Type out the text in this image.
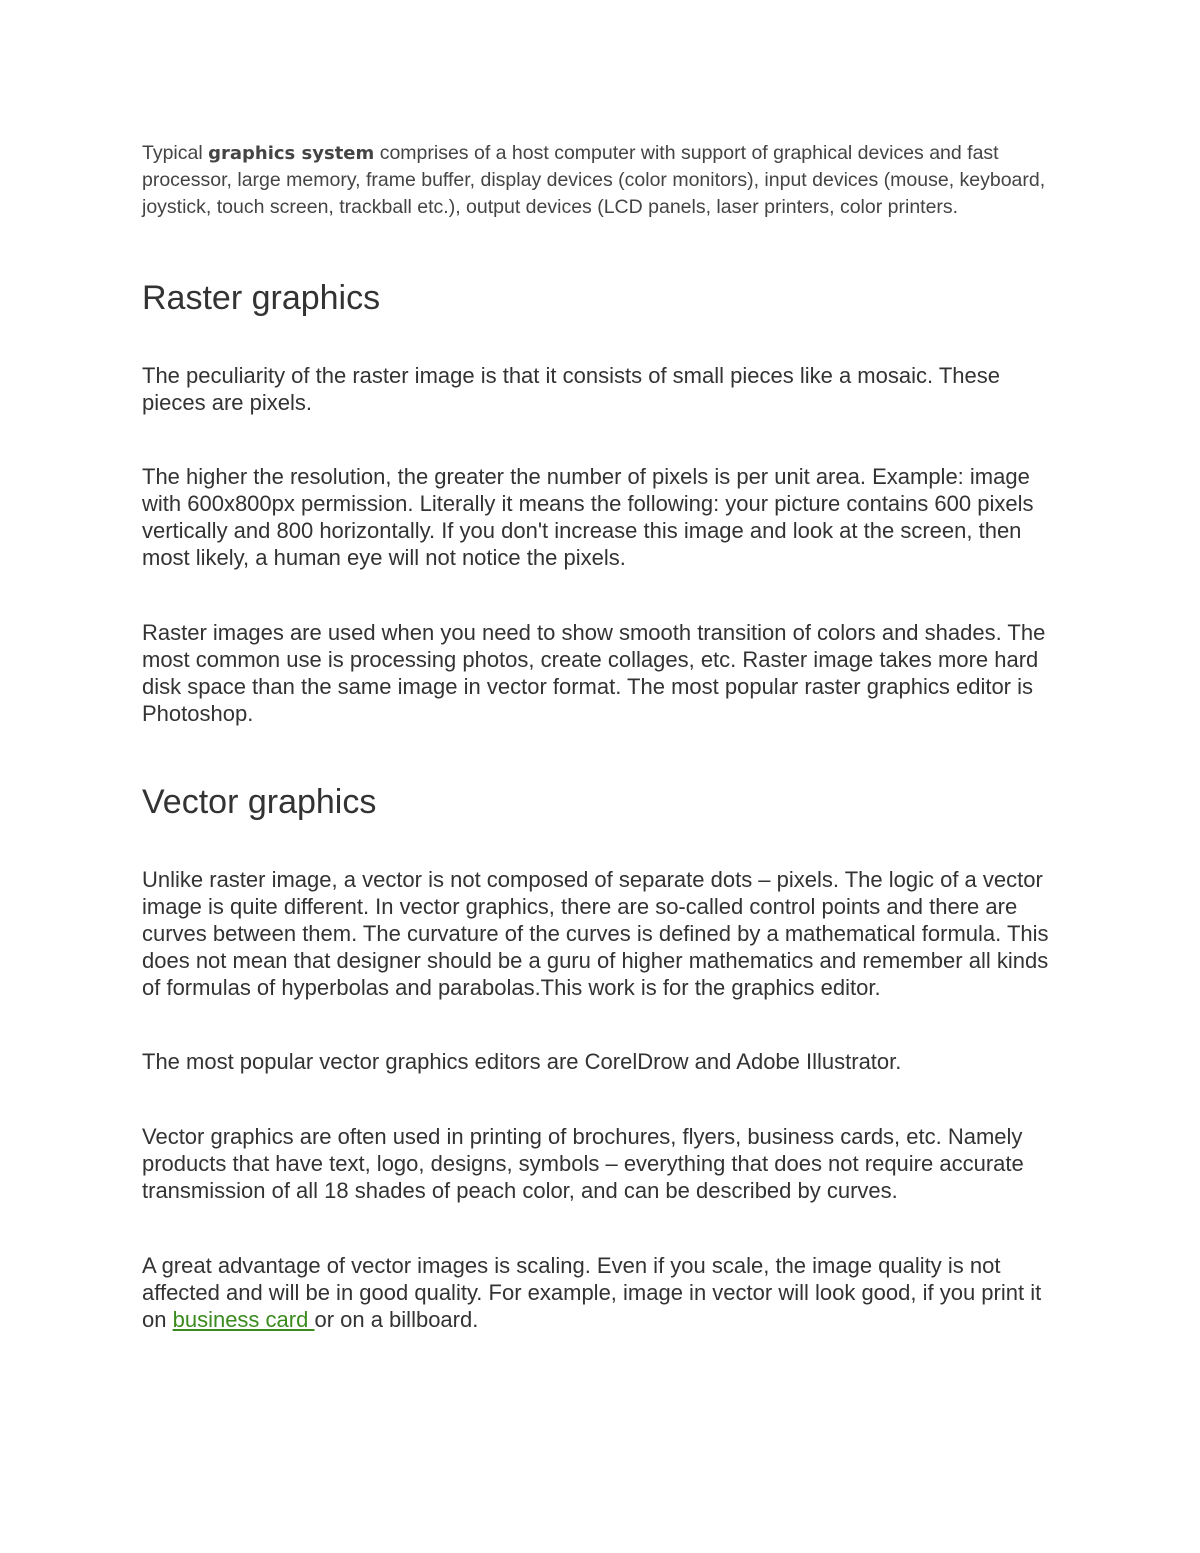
Typical graphics system comprises of a host computer with support of graphical devices and fast processor, large memory, frame buffer, display devices (color monitors), input devices (mouse, keyboard, joystick, touch screen, trackball etc.), output devices (LCD panels, laser printers, color printers.

Raster graphics

The peculiarity of the raster image is that it consists of small pieces like a mosaic. These pieces are pixels.

The higher the resolution, the greater the number of pixels is per unit area. Example: image with 600x800px permission. Literally it means the following: your picture contains 600 pixels vertically and 800 horizontally. If you don't increase this image and look at the screen, then most likely, a human eye will not notice the pixels.

Raster images are used when you need to show smooth transition of colors and shades. The most common use is processing photos, create collages, etc. Raster image takes more hard disk space than the same image in vector format. The most popular raster graphics editor is Photoshop.

Vector graphics

Unlike raster image, a vector is not composed of separate dots – pixels. The logic of a vector image is quite different. In vector graphics, there are so-called control points and there are curves between them. The curvature of the curves is defined by a mathematical formula. This does not mean that designer should be a guru of higher mathematics and remember all kinds of formulas of hyperbolas and parabolas.This work is for the graphics editor.

The most popular vector graphics editors are CorelDrow and Adobe Illustrator.

Vector graphics are often used in printing of brochures, flyers, business cards, etc. Namely products that have text, logo, designs, symbols – everything that does not require accurate transmission of all 18 shades of peach color, and can be described by curves.

A great advantage of vector images is scaling. Even if you scale, the image quality is not affected and will be in good quality. For example, image in vector will look good, if you print it on business card or on a billboard.
